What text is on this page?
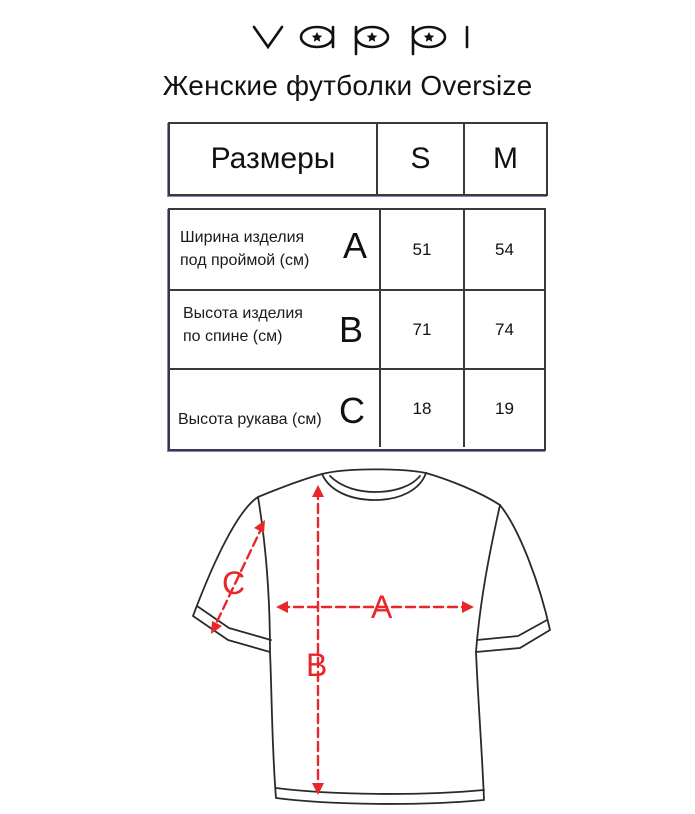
yappi
Женские футболки Oversize
Размеры	S	M
Ширина изделия
под проймой (см) A	51	54
Высота изделия
по спине (см)	B	71	74
Высота рукава (см) C	18	19
A
B
C
